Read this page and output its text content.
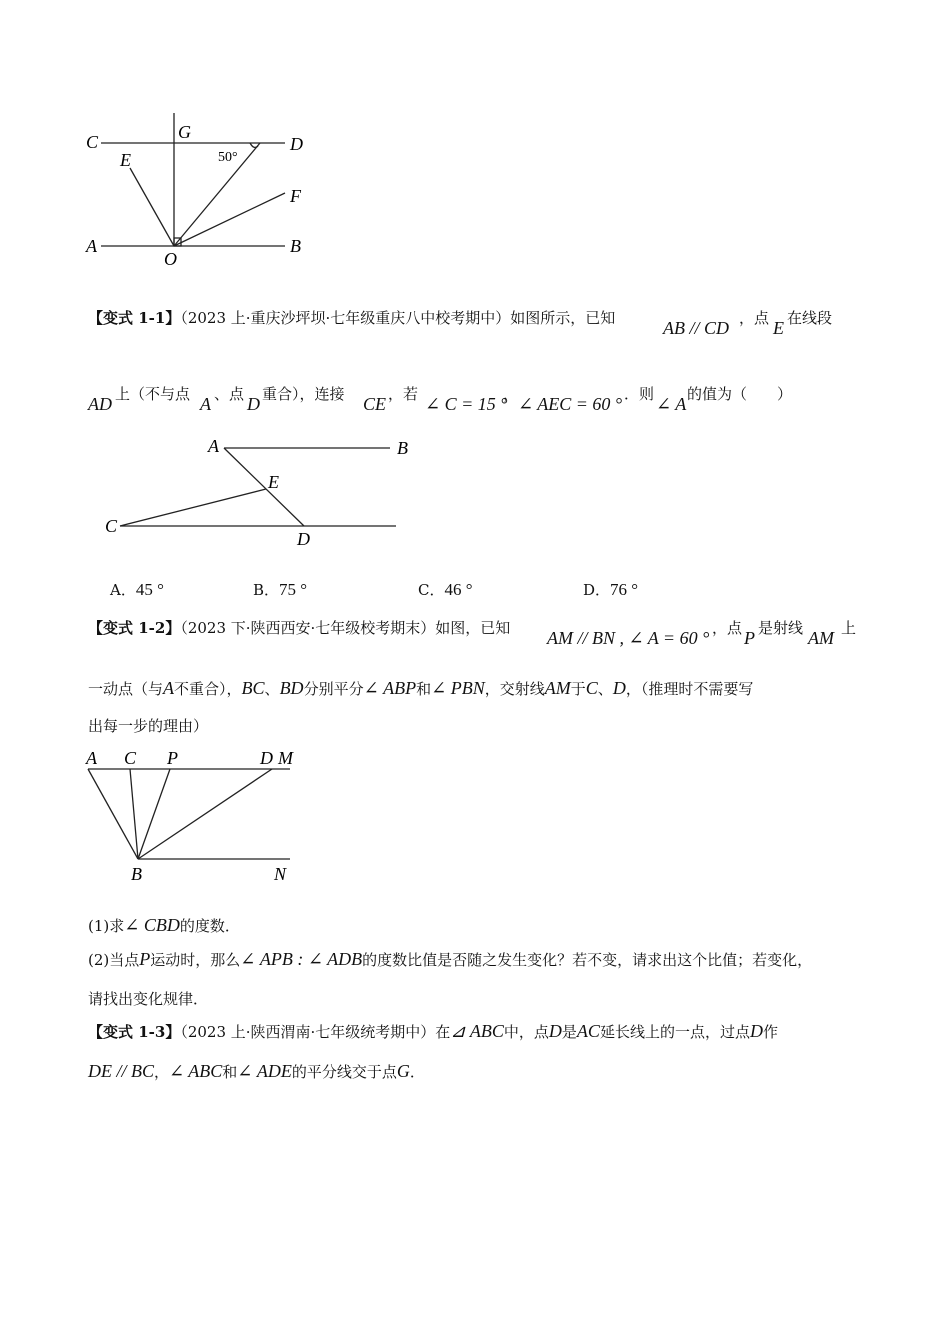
C	G
D
E
F
A
O
B
50°
【变式 1-1】（2023 上·重庆沙坪坝·七年级重庆八中校考期中）如图所示，已知	AB // CD ，点 E 在线段
AD 上（不与点 A 、点 D 重合），连接 CE ，若 ∠ C = 15 °
， ∠ AEC = 60 ° ．则 ∠ A 的值为（　　）
A	B
E
C
D
A．45 °	B．75 °	C．46 °	D．76 °
【变式 1-2】（2023 下·陕西西安·七年级校考期末）如图，已知 AM // BN , ∠ A = 60 ° ，点 P 是射线 AM 上
一动点（与A不重合），BC、BD分别平分∠ ABP和∠ PBN，交射线AM于C、D，（推理时不需要写
出每一步的理由）
A C P	D M
B	N
(1)求∠ CBD的度数．
(2)当点P运动时，那么∠ APB : ∠ ADB的度数比值是否随之发生变化？若不变，请求出这个比值；若变化，
请找出变化规律．
【变式 1-3】（2023 上·陕西渭南·七年级统考期中）在⊿ ABC中，点D是AC延长线上的一点，过点D作
DE // BC，∠ ABC和∠ ADE的平分线交于点G．
